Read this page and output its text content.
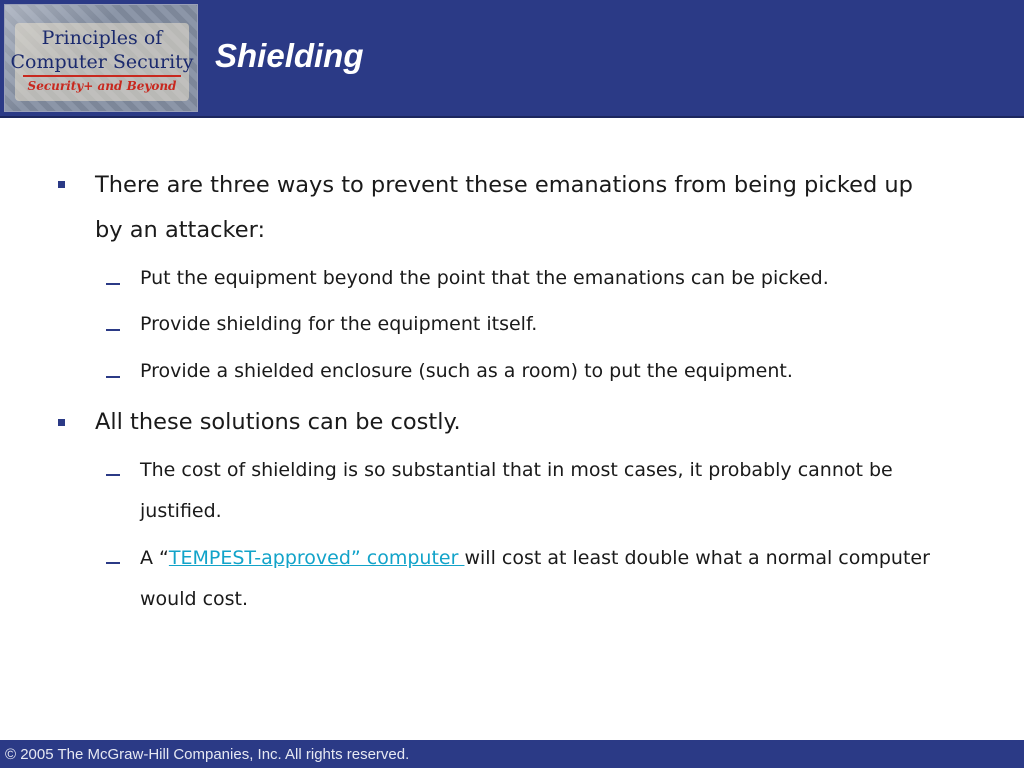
Principles of
Computer Security
Security+ and Beyond
Shielding
There are three ways to prevent these emanations from being picked up by an attacker:
Put the equipment beyond the point that the emanations can be picked.
Provide shielding for the equipment itself.
Provide a shielded enclosure (such as a room) to put the equipment.
All these solutions can be costly.
The cost of shielding is so substantial that in most cases, it probably cannot be justified.
A “TEMPEST-approved” computer will cost at least double what a normal computer would cost.
© 2005 The McGraw-Hill Companies, Inc. All rights reserved.
